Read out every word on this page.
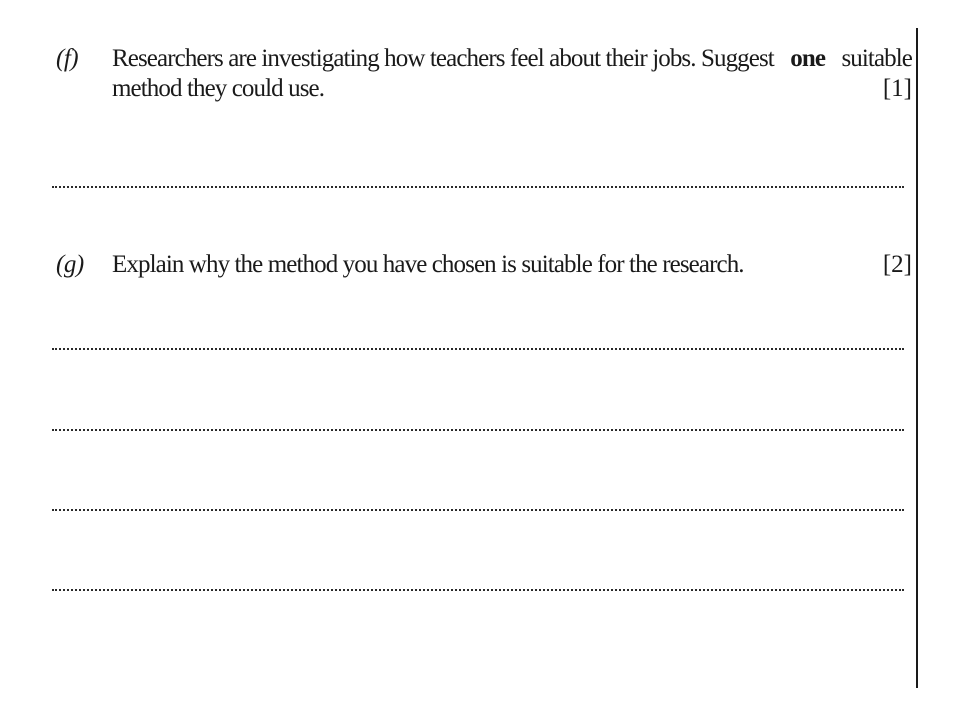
(f) Researchers are investigating how teachers feel about their jobs. Suggest one suitable
method they could use.	[1]
(g) Explain why the method you have chosen is suitable for the research.	[2]
